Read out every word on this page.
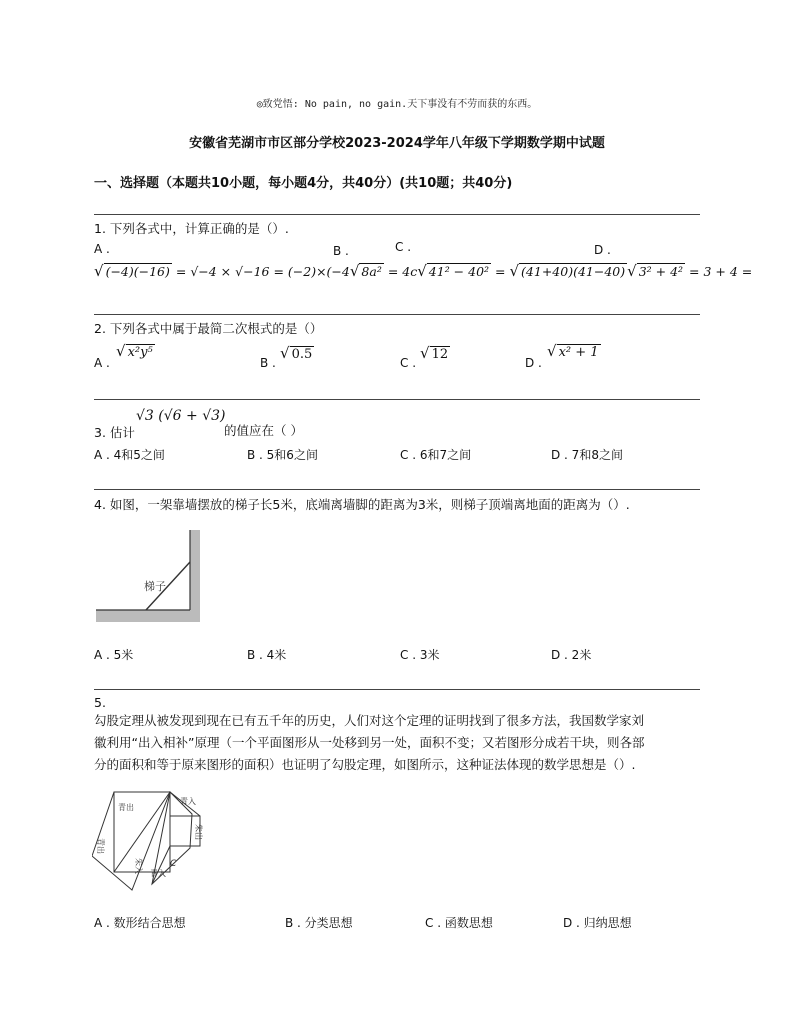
◎致党悟: No pain, no gain.天下事没有不劳而获的东西。
安徽省芜湖市市区部分学校2023-2024学年八年级下学期数学期中试题
一、选择题（本题共10小题，每小题4分，共40分）(共10题；共40分)
1. 下列各式中，计算正确的是（）.
A .	B .	C .	D .
√ (−4)(−16) = √−4 × √−16 = (−2)×(−4√ 8a² = 4c√ 41² − 40² = √ (41+40)(41−40) √ 3² + 4² = 3 + 4 =
2. 下列各式中属于最简二次根式的是（）
A .
√ x²y⁵
B .
√ 0.5
C .
√ 12
D .
√ x² + 1
3. 估计
√3 (√6 + √3)
的值应在（ ）
A . 4和5之间	B . 5和6之间	C . 6和7之间	D . 7和8之间
4. 如图，一架靠墙摆放的梯子长5米，底端离墙脚的距离为3米，则梯子顶端离地面的距离为（）.
梯子
A . 5米	B . 4米	C . 3米	D . 2米
5.
勾股定理从被发现到现在已有五千年的历史，人们对这个定理的证明找到了很多方法，我国数学家刘
徽利用“出入相补”原理（一个平面图形从一处移到另一处，面积不变；又若图形分成若干块，则各部
分的面积和等于原来图形的面积）也证明了勾股定理，如图所示，这种证法体现的数学思想是（）.
青出
青入
朱出
青出
朱入 青入
C
A . 数形结合思想	B . 分类思想	C . 函数思想	D . 归纳思想
